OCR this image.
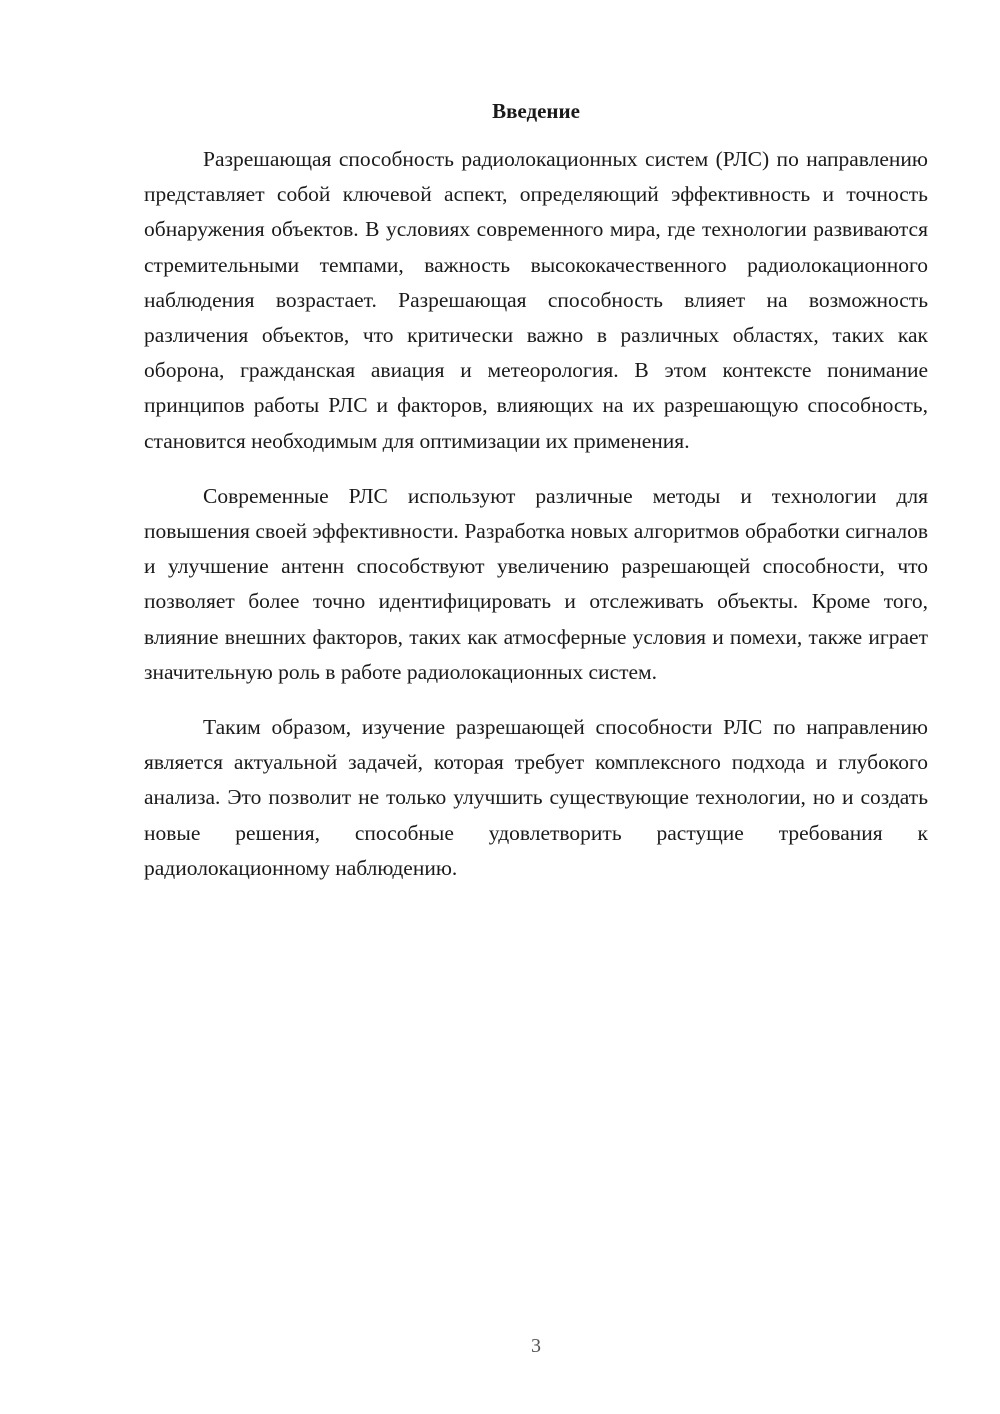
Введение

Разрешающая способность радиолокационных систем (РЛС) по направлению представляет собой ключевой аспект, определяющий эффективность и точность обнаружения объектов. В условиях современного мира, где технологии развиваются стремительными темпами, важность высококачественного радиолокационного наблюдения возрастает. Разрешающая способность влияет на возможность различения объектов, что критически важно в различных областях, таких как оборона, гражданская авиация и метеорология. В этом контексте понимание принципов работы РЛС и факторов, влияющих на их разрешающую способность, становится необходимым для оптимизации их применения.

Современные РЛС используют различные методы и технологии для повышения своей эффективности. Разработка новых алгоритмов обработки сигналов и улучшение антенн способствуют увеличению разрешающей способности, что позволяет более точно идентифицировать и отслеживать объекты. Кроме того, влияние внешних факторов, таких как атмосферные условия и помехи, также играет значительную роль в работе радиолокационных систем.

Таким образом, изучение разрешающей способности РЛС по направлению является актуальной задачей, которая требует комплексного подхода и глубокого анализа. Это позволит не только улучшить существующие технологии, но и создать новые решения, способные удовлетворить растущие требования к радиолокационному наблюдению.

3
